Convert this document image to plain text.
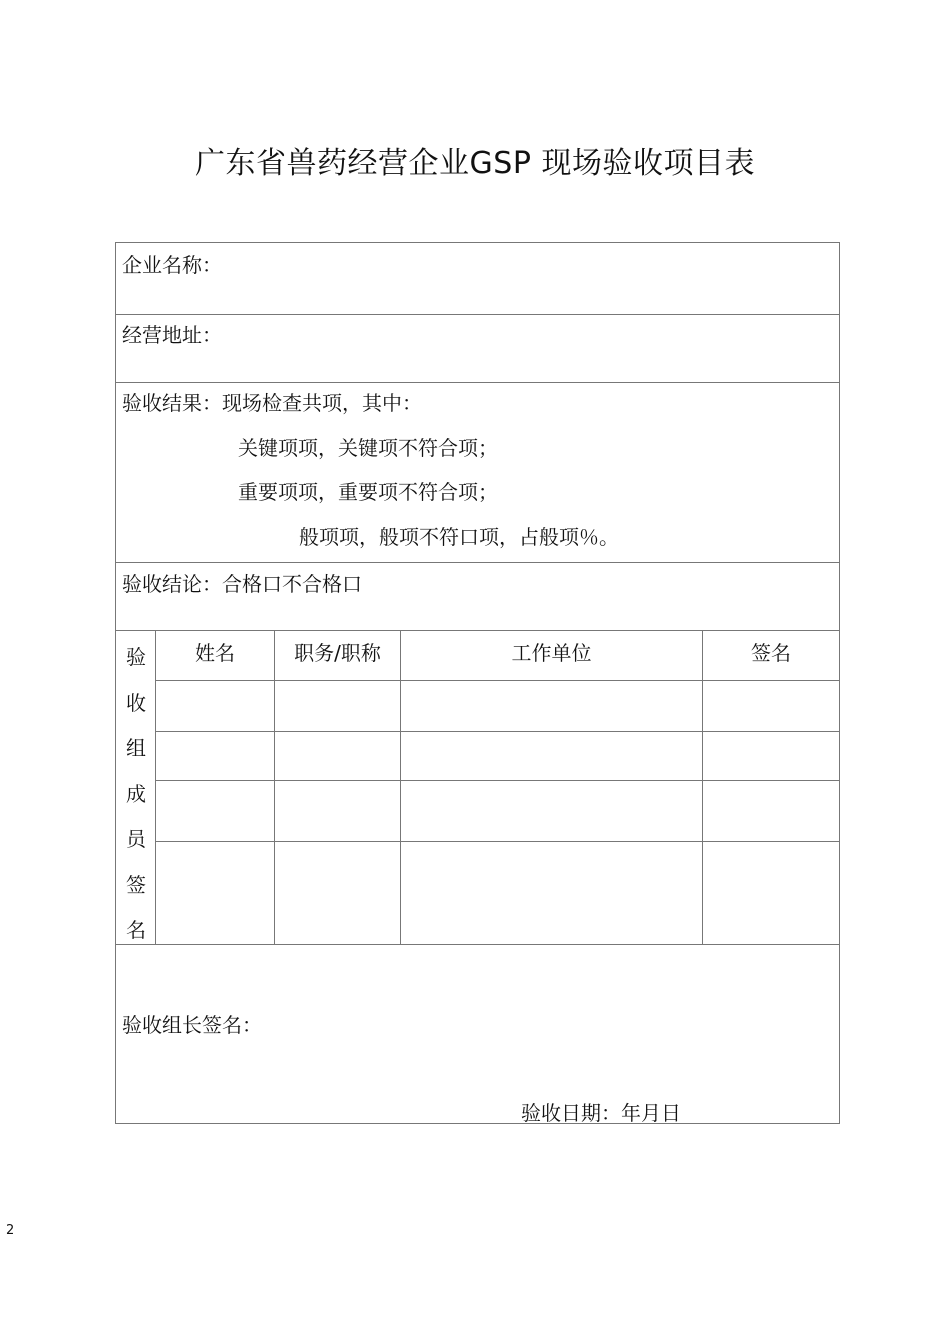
广东省兽药经营企业GSP 现场验收项目表
企业名称：
经营地址：
验收结果：现场检查共项，其中：
关键项项，关键项不符合项；
重要项项，重要项不符合项；
般项项，般项不符口项，占般项％。
验收结论：合格口不合格口
验
收
组
成
员
签
名
姓名	职务/职称	工作单位	签名
验收组长签名：
验收日期：年月日
2
